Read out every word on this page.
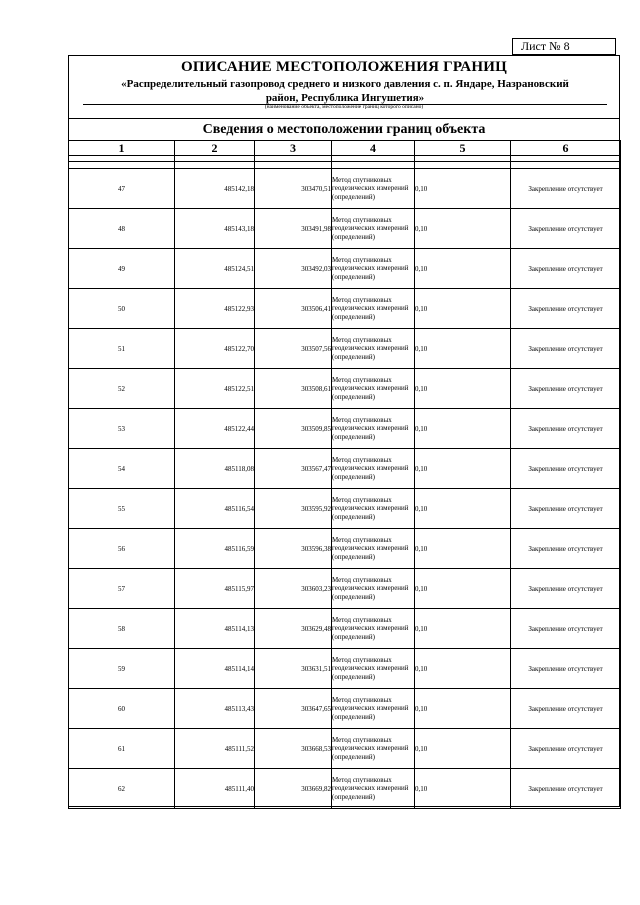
Лист № 8
ОПИСАНИЕ МЕСТОПОЛОЖЕНИЯ ГРАНИЦ
«Распределительный газопровод среднего и низкого давления с. п. Яндаре, Назрановский
район, Республика Ингушетия»
(наименование объекта, местоположение границ которого описано)
Сведения о местоположении границ объекта
1	2	3	4	5	6

47	485142,18	303470,51	Метод спутниковых геодезических измерений (определений)	0,10	Закрепление отсутствует
48	485143,18	303491,98	Метод спутниковых геодезических измерений (определений)	0,10	Закрепление отсутствует
49	485124,51	303492,03	Метод спутниковых геодезических измерений (определений)	0,10	Закрепление отсутствует
50	485122,93	303506,41	Метод спутниковых геодезических измерений (определений)	0,10	Закрепление отсутствует
51	485122,70	303507,56	Метод спутниковых геодезических измерений (определений)	0,10	Закрепление отсутствует
52	485122,51	303508,61	Метод спутниковых геодезических измерений (определений)	0,10	Закрепление отсутствует
53	485122,44	303509,85	Метод спутниковых геодезических измерений (определений)	0,10	Закрепление отсутствует
54	485118,08	303567,47	Метод спутниковых геодезических измерений (определений)	0,10	Закрепление отсутствует
55	485116,54	303595,92	Метод спутниковых геодезических измерений (определений)	0,10	Закрепление отсутствует
56	485116,59	303596,38	Метод спутниковых геодезических измерений (определений)	0,10	Закрепление отсутствует
57	485115,97	303603,23	Метод спутниковых геодезических измерений (определений)	0,10	Закрепление отсутствует
58	485114,13	303629,48	Метод спутниковых геодезических измерений (определений)	0,10	Закрепление отсутствует
59	485114,14	303631,51	Метод спутниковых геодезических измерений (определений)	0,10	Закрепление отсутствует
60	485113,43	303647,65	Метод спутниковых геодезических измерений (определений)	0,10	Закрепление отсутствует
61	485111,52	303668,53	Метод спутниковых геодезических измерений (определений)	0,10	Закрепление отсутствует
62	485111,40	303669,82	Метод спутниковых геодезических измерений (определений)	0,10	Закрепление отсутствует
